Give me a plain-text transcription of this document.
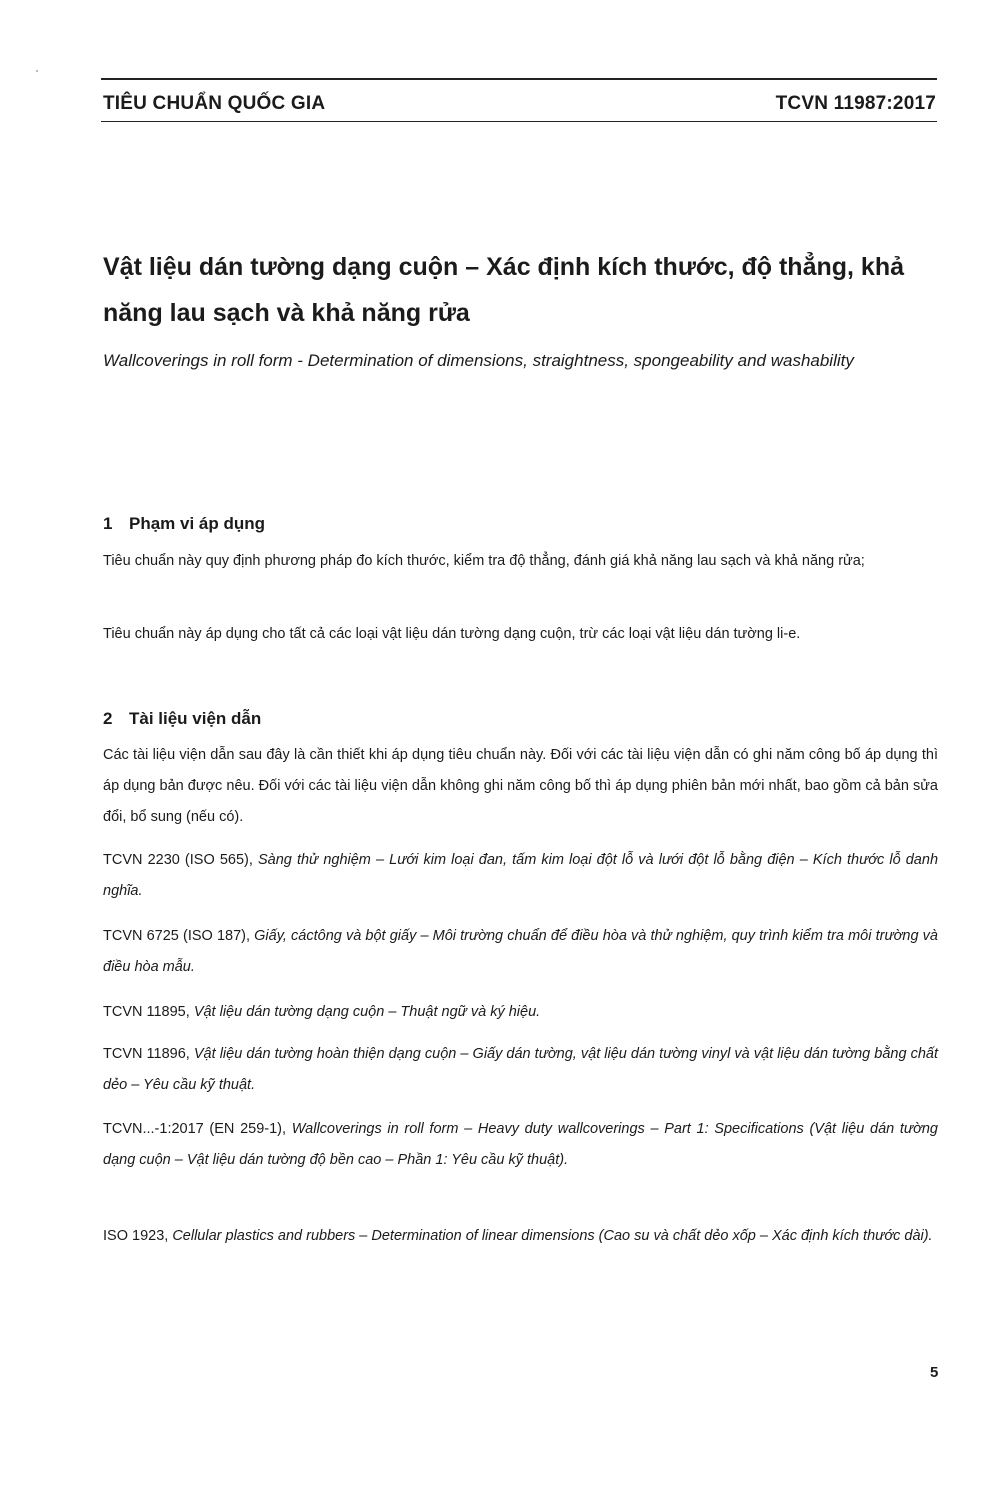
TIÊU CHUẨN QUỐC GIA	TCVN 11987:2017
Vật liệu dán tường dạng cuộn – Xác định kích thước, độ thẳng, khả năng lau sạch và khả năng rửa

Wallcoverings in roll form - Determination of dimensions, straightness, spongeability and washability

1 Phạm vi áp dụng

Tiêu chuẩn này quy định phương pháp đo kích thước, kiểm tra độ thẳng, đánh giá khả năng lau sạch và khả năng rửa;

Tiêu chuẩn này áp dụng cho tất cả các loại vật liệu dán tường dạng cuộn, trừ các loại vật liệu dán tường li-e.

2 Tài liệu viện dẫn

Các tài liệu viện dẫn sau đây là cần thiết khi áp dụng tiêu chuẩn này. Đối với các tài liệu viện dẫn có ghi năm công bố áp dụng thì áp dụng bản được nêu. Đối với các tài liệu viện dẫn không ghi năm công bố thì áp dụng phiên bản mới nhất, bao gồm cả bản sửa đổi, bổ sung (nếu có).

TCVN 2230 (ISO 565), Sàng thử nghiệm – Lưới kim loại đan, tấm kim loại đột lỗ và lưới đột lỗ bằng điện – Kích thước lỗ danh nghĩa.

TCVN 6725 (ISO 187), Giấy, cáctông và bột giấy – Môi trường chuẩn để điều hòa và thử nghiệm, quy trình kiểm tra môi trường và điều hòa mẫu.

TCVN 11895, Vật liệu dán tường dạng cuộn – Thuật ngữ và ký hiệu.

TCVN 11896, Vật liệu dán tường hoàn thiện dạng cuộn – Giấy dán tường, vật liệu dán tường vinyl và vật liệu dán tường bằng chất dẻo – Yêu cầu kỹ thuật.

TCVN...-1:2017 (EN 259-1), Wallcoverings in roll form – Heavy duty wallcoverings – Part 1: Specifications (Vật liệu dán tường dạng cuộn – Vật liệu dán tường độ bền cao – Phần 1: Yêu cầu kỹ thuật).

ISO 1923, Cellular plastics and rubbers – Determination of linear dimensions (Cao su và chất dẻo xốp – Xác định kích thước dài).

5
